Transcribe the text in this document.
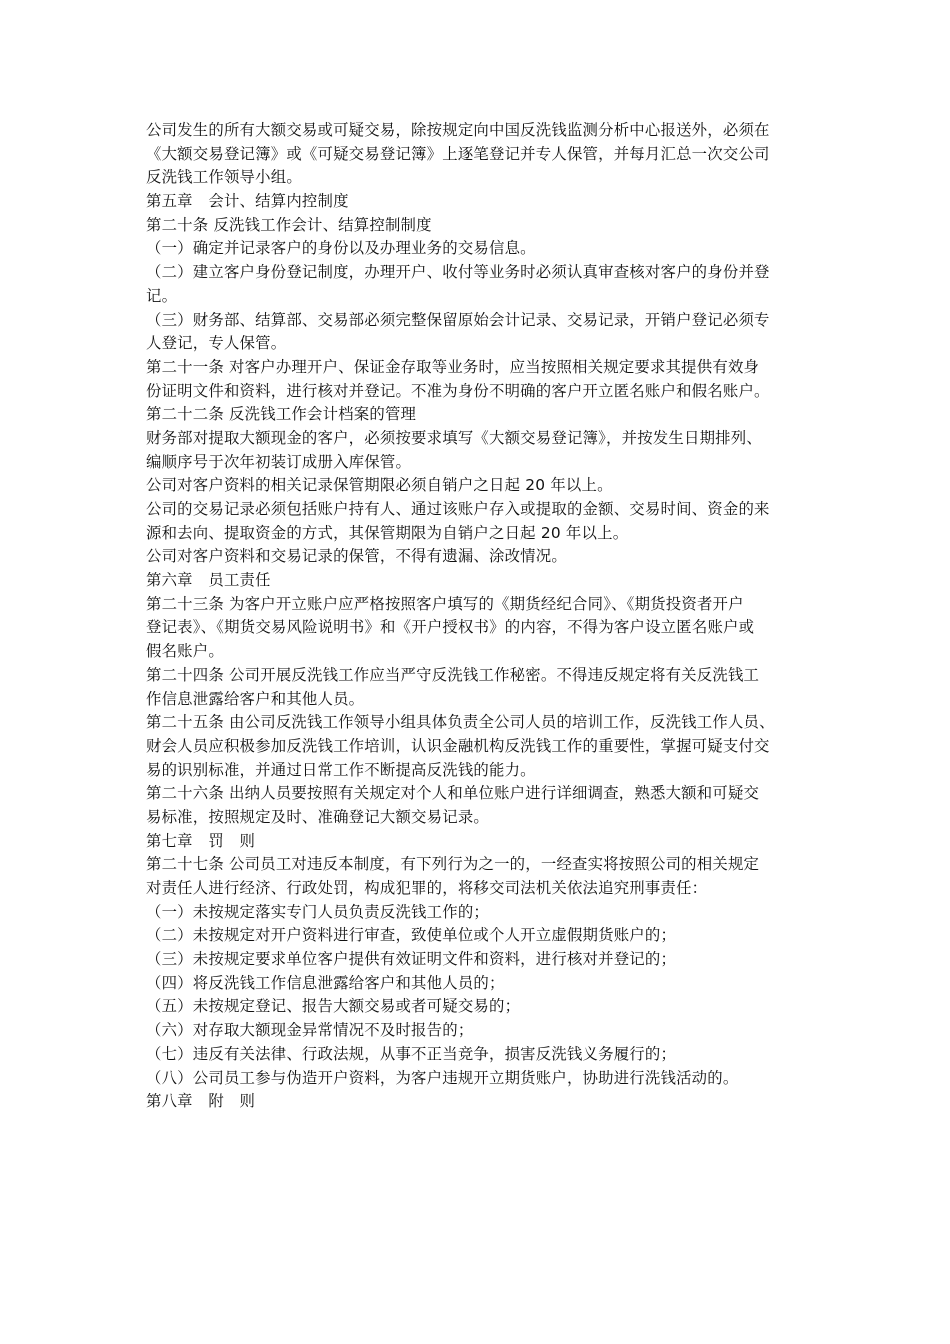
公司发生的所有大额交易或可疑交易，除按规定向中国反洗钱监测分析中心报送外，必须在
《大额交易登记簿》或《可疑交易登记簿》上逐笔登记并专人保管，并每月汇总一次交公司
反洗钱工作领导小组。
第五章　会计、结算内控制度
第二十条 反洗钱工作会计、结算控制制度
（一）确定并记录客户的身份以及办理业务的交易信息。
（二）建立客户身份登记制度，办理开户、收付等业务时必须认真审查核对客户的身份并登
记。
（三）财务部、结算部、交易部必须完整保留原始会计记录、交易记录，开销户登记必须专
人登记，专人保管。
第二十一条 对客户办理开户、保证金存取等业务时，应当按照相关规定要求其提供有效身
份证明文件和资料，进行核对并登记。不准为身份不明确的客户开立匿名账户和假名账户。
第二十二条 反洗钱工作会计档案的管理
财务部对提取大额现金的客户，必须按要求填写《大额交易登记簿》，并按发生日期排列、
编顺序号于次年初装订成册入库保管。
公司对客户资料的相关记录保管期限必须自销户之日起 20 年以上。
公司的交易记录必须包括账户持有人、通过该账户存入或提取的金额、交易时间、资金的来
源和去向、提取资金的方式，其保管期限为自销户之日起 20 年以上。
公司对客户资料和交易记录的保管，不得有遗漏、涂改情况。
第六章　员工责任
第二十三条 为客户开立账户应严格按照客户填写的《期货经纪合同》、《期货投资者开户
登记表》、《期货交易风险说明书》和《开户授权书》的内容，不得为客户设立匿名账户或
假名账户。
第二十四条 公司开展反洗钱工作应当严守反洗钱工作秘密。不得违反规定将有关反洗钱工
作信息泄露给客户和其他人员。
第二十五条 由公司反洗钱工作领导小组具体负责全公司人员的培训工作，反洗钱工作人员、
财会人员应积极参加反洗钱工作培训，认识金融机构反洗钱工作的重要性，掌握可疑支付交
易的识别标准，并通过日常工作不断提高反洗钱的能力。
第二十六条 出纳人员要按照有关规定对个人和单位账户进行详细调查，熟悉大额和可疑交
易标准，按照规定及时、准确登记大额交易记录。
第七章　罚　则
第二十七条 公司员工对违反本制度，有下列行为之一的，一经查实将按照公司的相关规定
对责任人进行经济、行政处罚，构成犯罪的，将移交司法机关依法追究刑事责任：
（一）未按规定落实专门人员负责反洗钱工作的；
（二）未按规定对开户资料进行审查，致使单位或个人开立虚假期货账户的；
（三）未按规定要求单位客户提供有效证明文件和资料，进行核对并登记的；
（四）将反洗钱工作信息泄露给客户和其他人员的；
（五）未按规定登记、报告大额交易或者可疑交易的；
（六）对存取大额现金异常情况不及时报告的；
（七）违反有关法律、行政法规，从事不正当竞争，损害反洗钱义务履行的；
（八）公司员工参与伪造开户资料，为客户违规开立期货账户，协助进行洗钱活动的。
第八章　附　则
